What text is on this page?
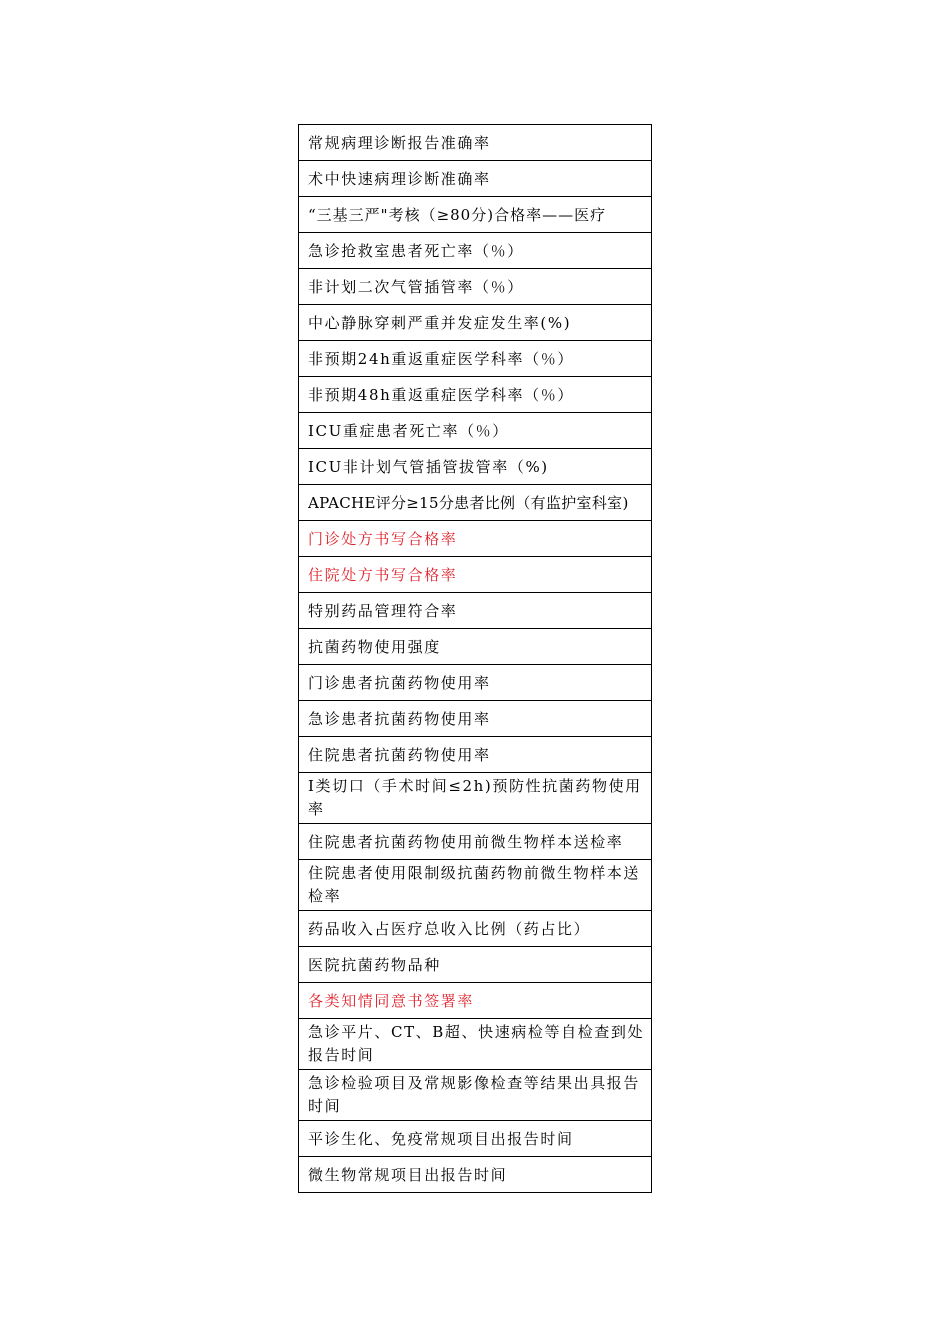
常规病理诊断报告准确率
术中快速病理诊断准确率
“三基三严"考核（≥80分)合格率——医疗
急诊抢救室患者死亡率（％）
非计划二次气管插管率（％）
中心静脉穿刺严重并发症发生率(%)
非预期24h重返重症医学科率（％）
非预期48h重返重症医学科率（％）
ICU重症患者死亡率（％）
ICU非计划气管插管拔管率（%)
APACHE评分≥15分患者比例（有监护室科室)
门诊处方书写合格率
住院处方书写合格率
特别药品管理符合率
抗菌药物使用强度
门诊患者抗菌药物使用率
急诊患者抗菌药物使用率
住院患者抗菌药物使用率
Ⅰ类切口（手术时间≤2h)预防性抗菌药物使用率
住院患者抗菌药物使用前微生物样本送检率
住院患者使用限制级抗菌药物前微生物样本送检率
药品收入占医疗总收入比例（药占比）
医院抗菌药物品种
各类知情同意书签署率
急诊平片、CT、B超、快速病检等自检查到处报告时间
急诊检验项目及常规影像检查等结果出具报告时间
平诊生化、免疫常规项目出报告时间
微生物常规项目出报告时间
